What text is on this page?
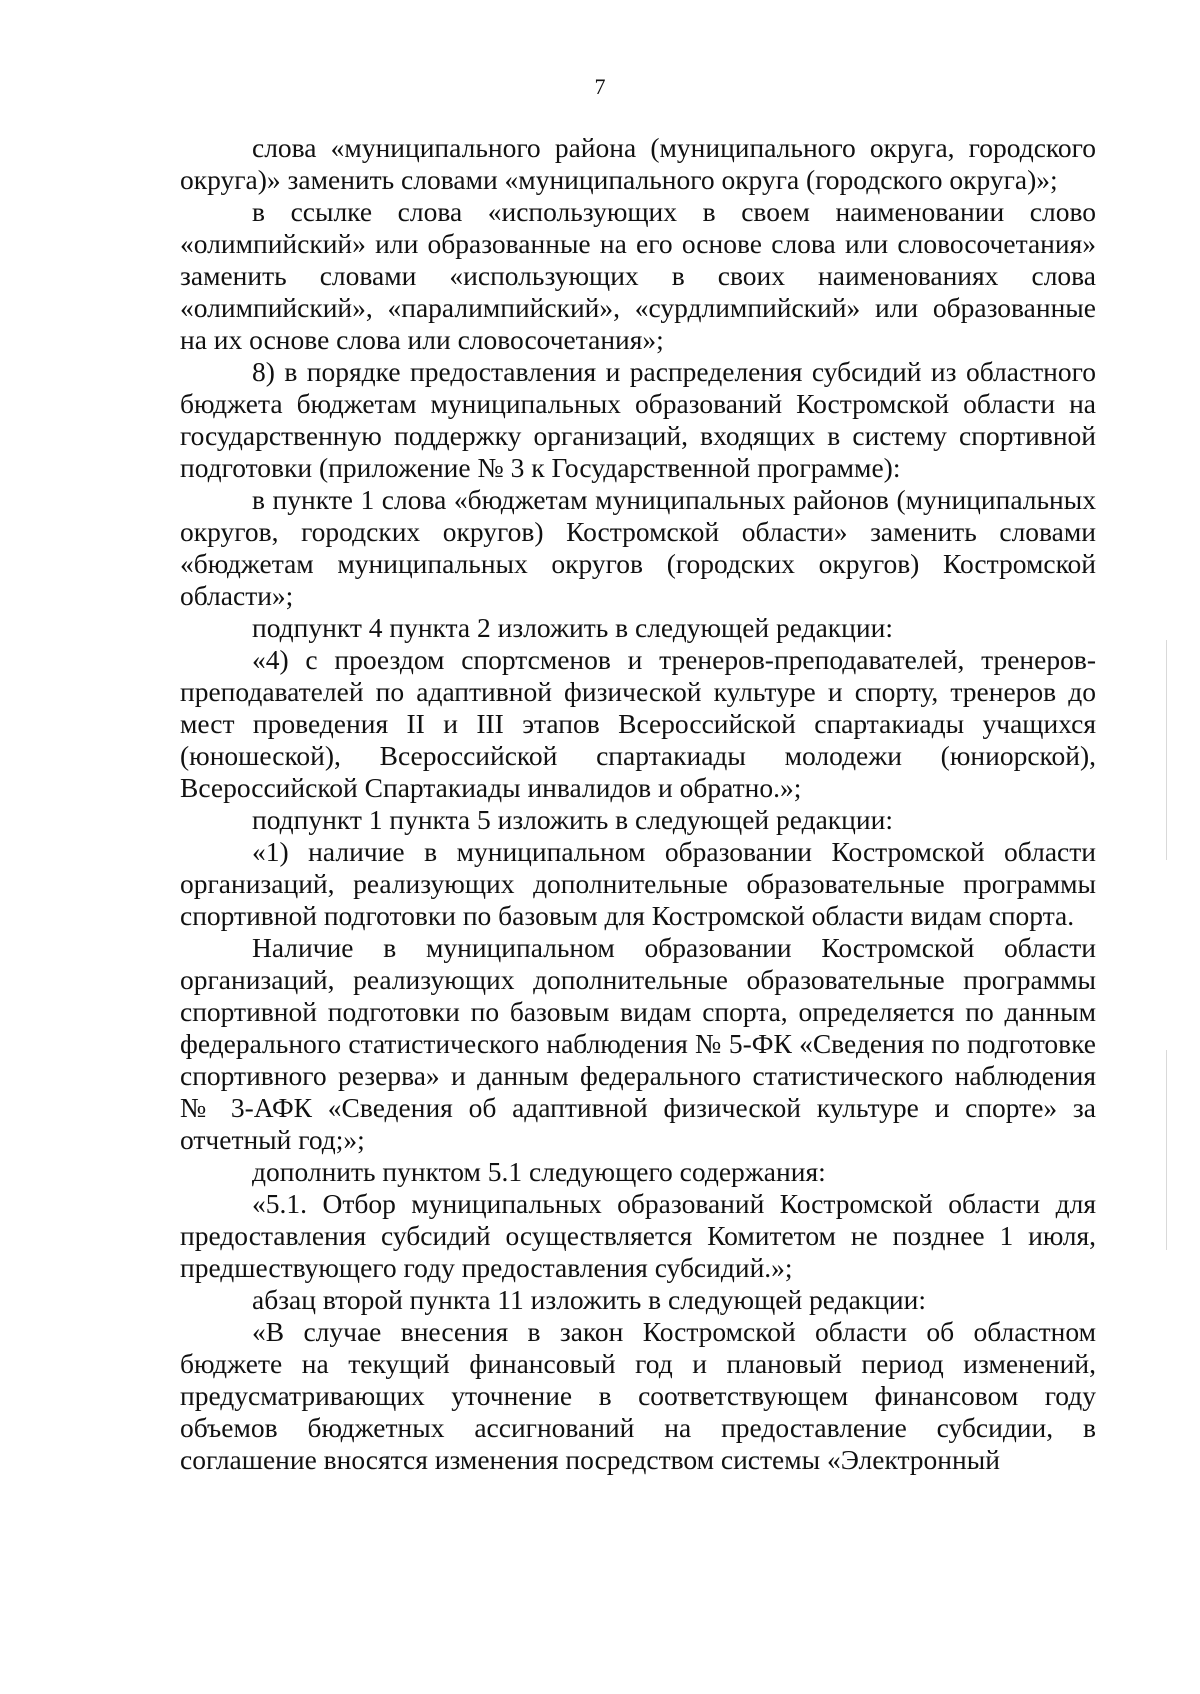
7

слова «муниципального района (муниципального округа, городского округа)» заменить словами «муниципального округа (городского округа)»;

в ссылке слова «использующих в своем наименовании слово «олимпийский» или образованные на его основе слова или словосочетания» заменить словами «использующих в своих наименованиях слова «олимпийский», «паралимпийский», «сурдлимпийский» или образованные на их основе слова или словосочетания»;

8) в порядке предоставления и распределения субсидий из областного бюджета бюджетам муниципальных образований Костромской области на государственную поддержку организаций, входящих в систему спортивной подготовки (приложение № 3 к Государственной программе):

в пункте 1 слова «бюджетам муниципальных районов (муниципальных округов, городских округов) Костромской области» заменить словами «бюджетам муниципальных округов (городских округов) Костромской области»;

подпункт 4 пункта 2 изложить в следующей редакции:

«4) с проездом спортсменов и тренеров-преподавателей, тренеров-преподавателей по адаптивной физической культуре и спорту, тренеров до мест проведения II и III этапов Всероссийской спартакиады учащихся (юношеской), Всероссийской спартакиады молодежи (юниорской), Всероссийской Спартакиады инвалидов и обратно.»;

подпункт 1 пункта 5 изложить в следующей редакции:

«1) наличие в муниципальном образовании Костромской области организаций, реализующих дополнительные образовательные программы спортивной подготовки по базовым для Костромской области видам спорта.

Наличие в муниципальном образовании Костромской области организаций, реализующих дополнительные образовательные программы спортивной подготовки по базовым видам спорта, определяется по данным федерального статистического наблюдения № 5-ФК «Сведения по подготовке спортивного резерва» и данным федерального статистического наблюдения № 3-АФК «Сведения об адаптивной физической культуре и спорте» за отчетный год;»;

дополнить пунктом 5.1 следующего содержания:

«5.1. Отбор муниципальных образований Костромской области для предоставления субсидий осуществляется Комитетом не позднее 1 июля, предшествующего году предоставления субсидий.»;

абзац второй пункта 11 изложить в следующей редакции:

«В случае внесения в закон Костромской области об областном бюджете на текущий финансовый год и плановый период изменений, предусматривающих уточнение в соответствующем финансовом году объемов бюджетных ассигнований на предоставление субсидии, в соглашение вносятся изменения посредством системы «Электронный
